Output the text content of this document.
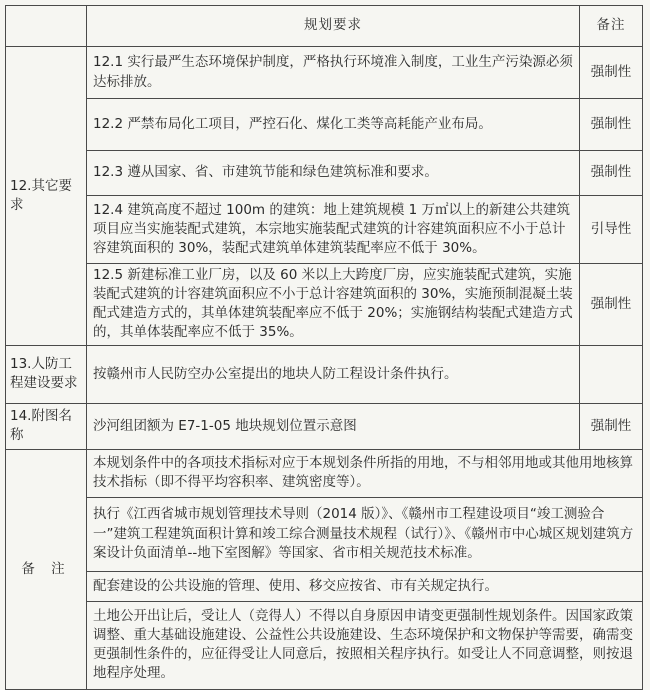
	规划要求	备注
12.其它要求	12.1 实行最严生态环境保护制度，严格执行环境准入制度，工业生产污染源必须达标排放。	强制性
	12.2 严禁布局化工项目，严控石化、煤化工类等高耗能产业布局。	强制性
	12.3 遵从国家、省、市建筑节能和绿色建筑标准和要求。	强制性
	12.4 建筑高度不超过 100m 的建筑：地上建筑规模 1 万㎡以上的新建公共建筑项目应当实施装配式建筑，本宗地实施装配式建筑的计容建筑面积应不小于总计容建筑面积的 30%，装配式建筑单体建筑装配率应不低于 30%。	引导性
	12.5 新建标准工业厂房，以及 60 米以上大跨度厂房，应实施装配式建筑，实施装配式建筑的计容建筑面积应不小于总计容建筑面积的 30%，实施预制混凝土装配式建造方式的，其单体建筑装配率应不低于 20%；实施钢结构装配式建造方式的，其单体装配率应不低于 35%。	强制性
13.人防工程建设要求	按赣州市人民防空办公室提出的地块人防工程设计条件执行。	
14.附图名称	沙河组团额为 E7-1-05 地块规划位置示意图	强制性
备 注	本规划条件中的各项技术指标对应于本规划条件所指的用地，不与相邻用地或其他用地核算技术指标（即不得平均容积率、建筑密度等）。	
	执行《江西省城市规划管理技术导则（2014 版）》、《赣州市工程建设项目“竣工测验合一”建筑工程建筑面积计算和竣工综合测量技术规程（试行）》、《赣州市中心城区规划建筑方案设计负面清单--地下室图解》等国家、省市相关规范技术标准。	
	配套建设的公共设施的管理、使用、移交应按省、市有关规定执行。	
	土地公开出让后，受让人（竞得人）不得以自身原因申请变更强制性规划条件。因国家政策调整、重大基础设施建设、公益性公共设施建设、生态环境保护和文物保护等需要，确需变更强制性条件的，应征得受让人同意后，按照相关程序执行。如受让人不同意调整，则按退地程序处理。	
